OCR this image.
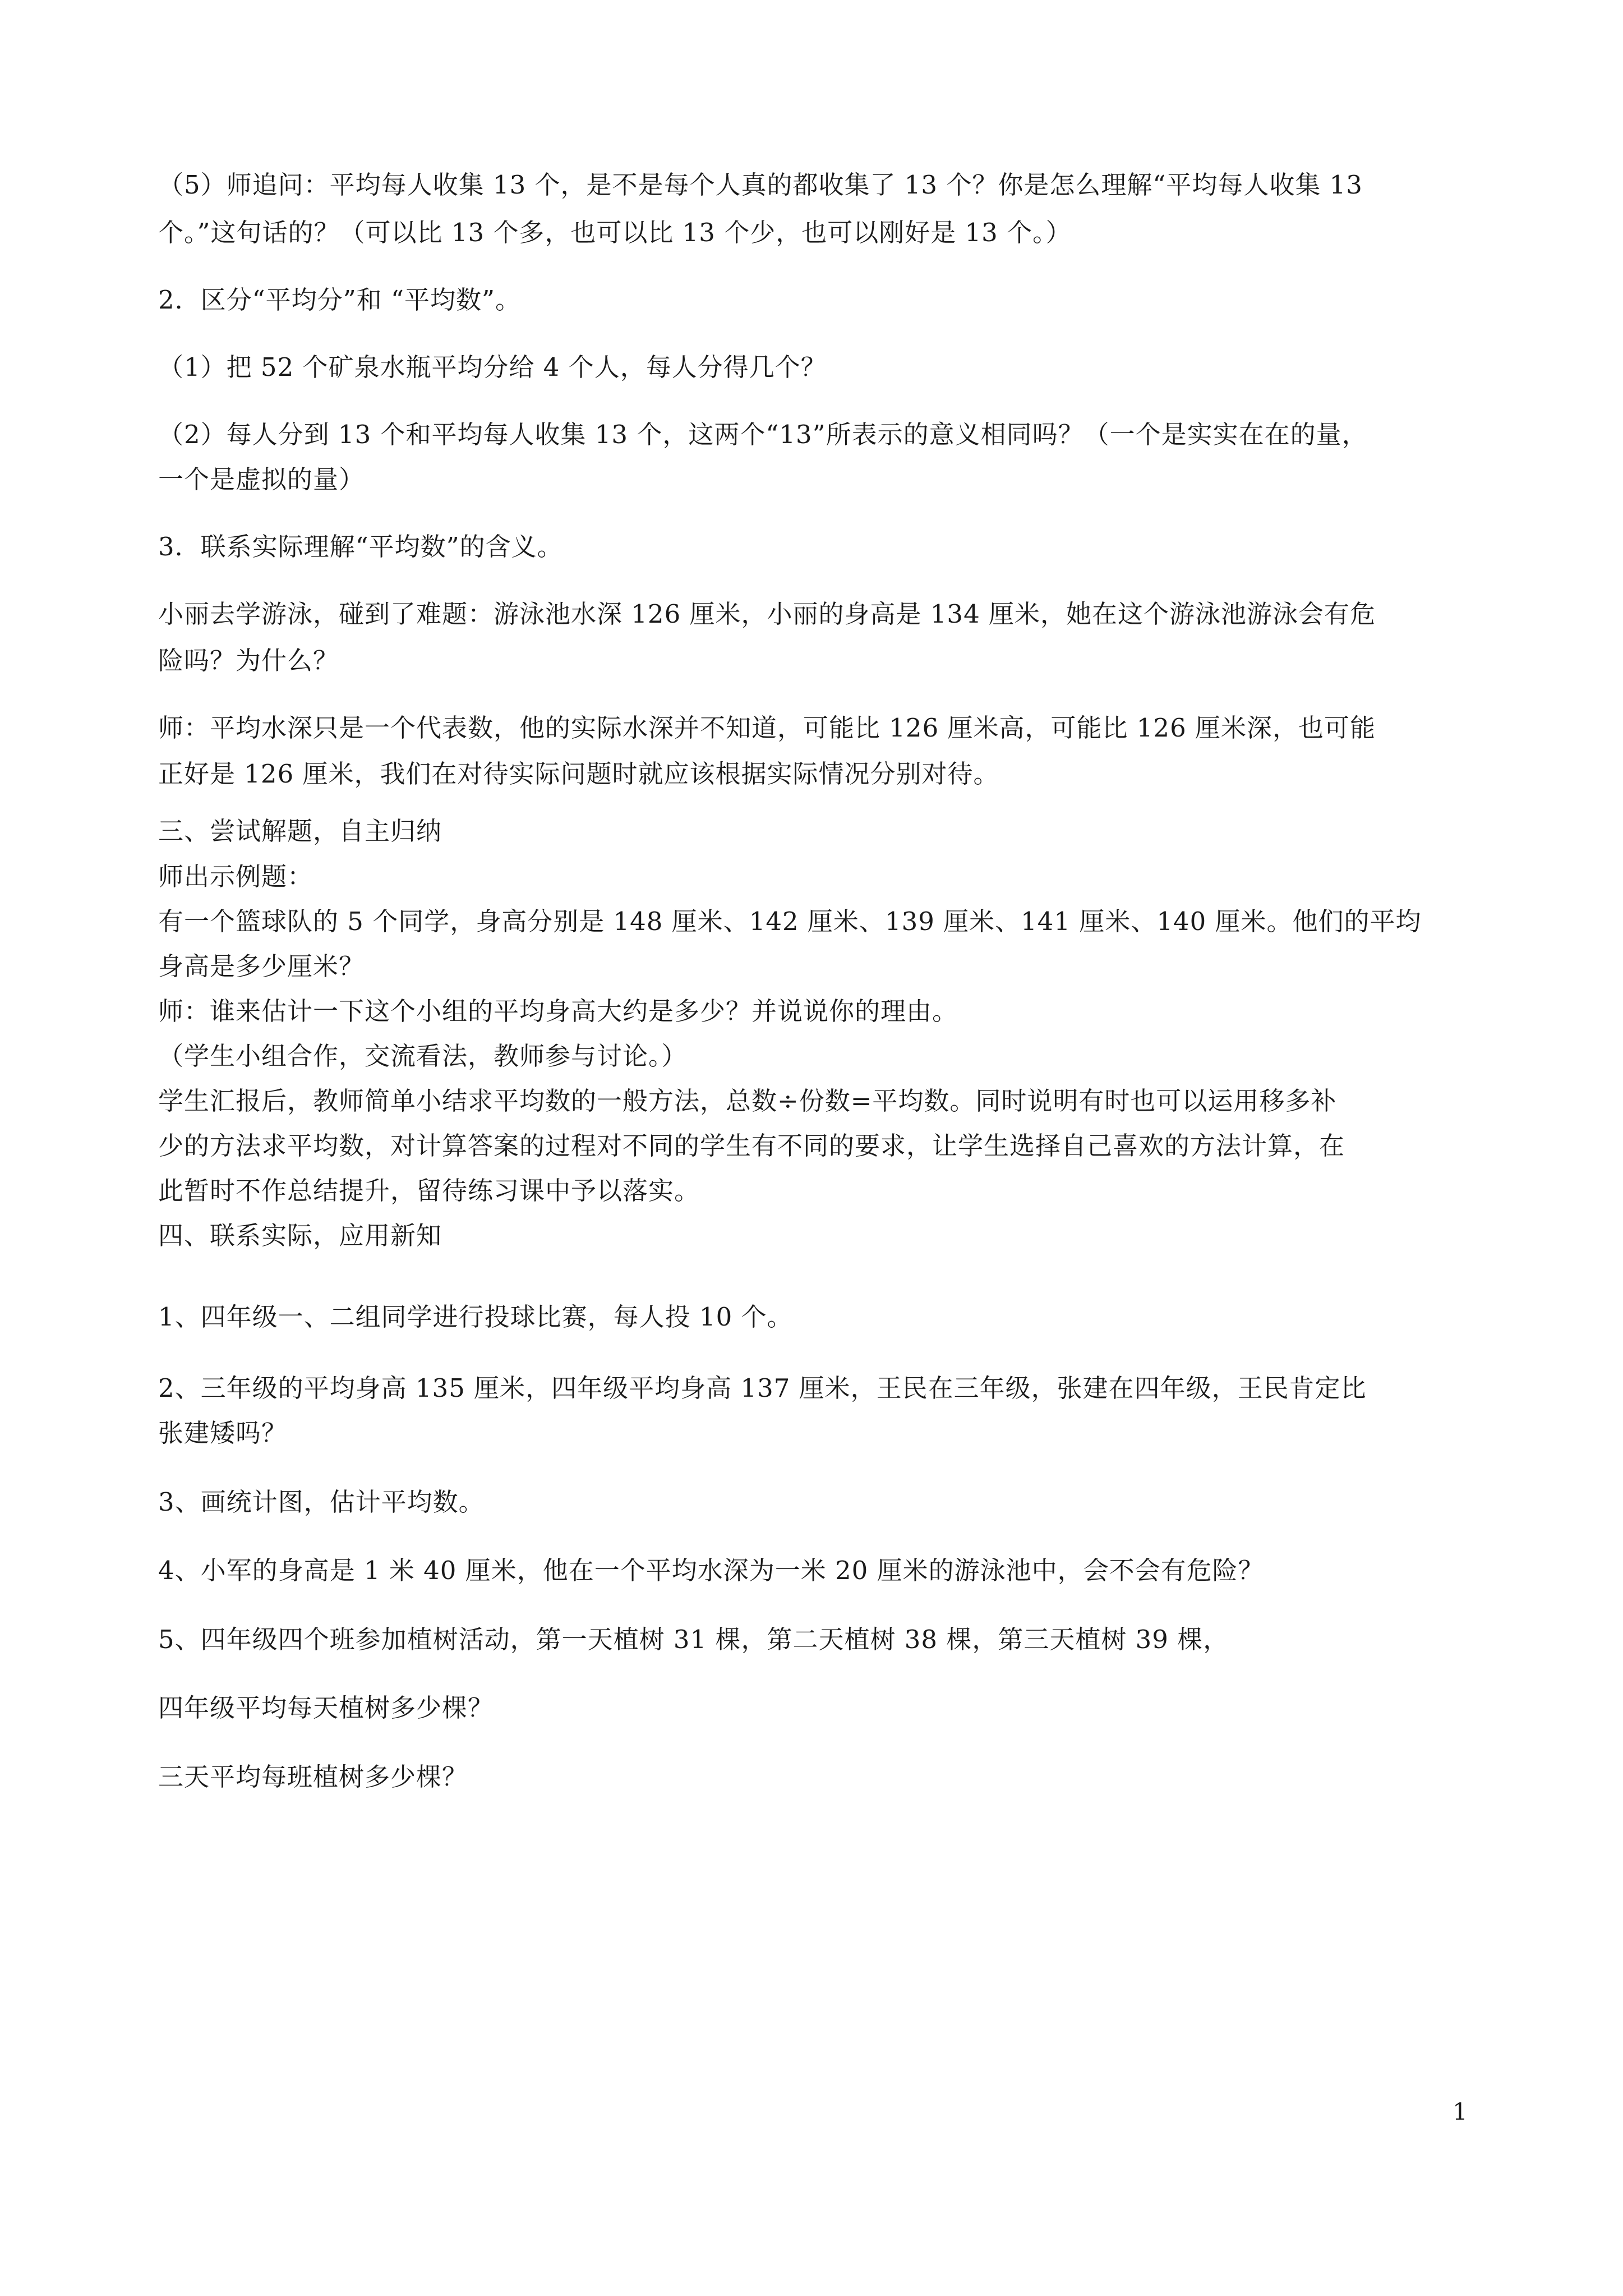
（5）师追问：平均每人收集 13 个，是不是每个人真的都收集了 13 个？你是怎么理解“平均每人收集 13
个。”这句话的？（可以比 13 个多，也可以比 13 个少，也可以刚好是 13 个。）
2．区分“平均分”和 “平均数”。
（1）把 52 个矿泉水瓶平均分给 4 个人，每人分得几个？
（2）每人分到 13 个和平均每人收集 13 个，这两个“13”所表示的意义相同吗？（一个是实实在在的量，
一个是虚拟的量）
3．联系实际理解“平均数”的含义。
小丽去学游泳，碰到了难题：游泳池水深 126 厘米，小丽的身高是 134 厘米，她在这个游泳池游泳会有危
险吗？为什么？
师：平均水深只是一个代表数，他的实际水深并不知道，可能比 126 厘米高，可能比 126 厘米深，也可能
正好是 126 厘米，我们在对待实际问题时就应该根据实际情况分别对待。
三、尝试解题，自主归纳
师出示例题：
有一个篮球队的 5 个同学，身高分别是 148 厘米、142 厘米、139 厘米、141 厘米、140 厘米。他们的平均
身高是多少厘米？
师：谁来估计一下这个小组的平均身高大约是多少？并说说你的理由。
（学生小组合作，交流看法，教师参与讨论。）
学生汇报后，教师简单小结求平均数的一般方法，总数÷份数=平均数。同时说明有时也可以运用移多补
少的方法求平均数，对计算答案的过程对不同的学生有不同的要求，让学生选择自己喜欢的方法计算，在
此暂时不作总结提升，留待练习课中予以落实。
四、联系实际，应用新知
1、四年级一、二组同学进行投球比赛，每人投 10 个。
2、三年级的平均身高 135 厘米，四年级平均身高 137 厘米，王民在三年级，张建在四年级，王民肯定比
张建矮吗？
3、画统计图，估计平均数。
4、小军的身高是 1 米 40 厘米，他在一个平均水深为一米 20 厘米的游泳池中，会不会有危险？
5、四年级四个班参加植树活动，第一天植树 31 棵，第二天植树 38 棵，第三天植树 39 棵，
四年级平均每天植树多少棵？
三天平均每班植树多少棵？
1
